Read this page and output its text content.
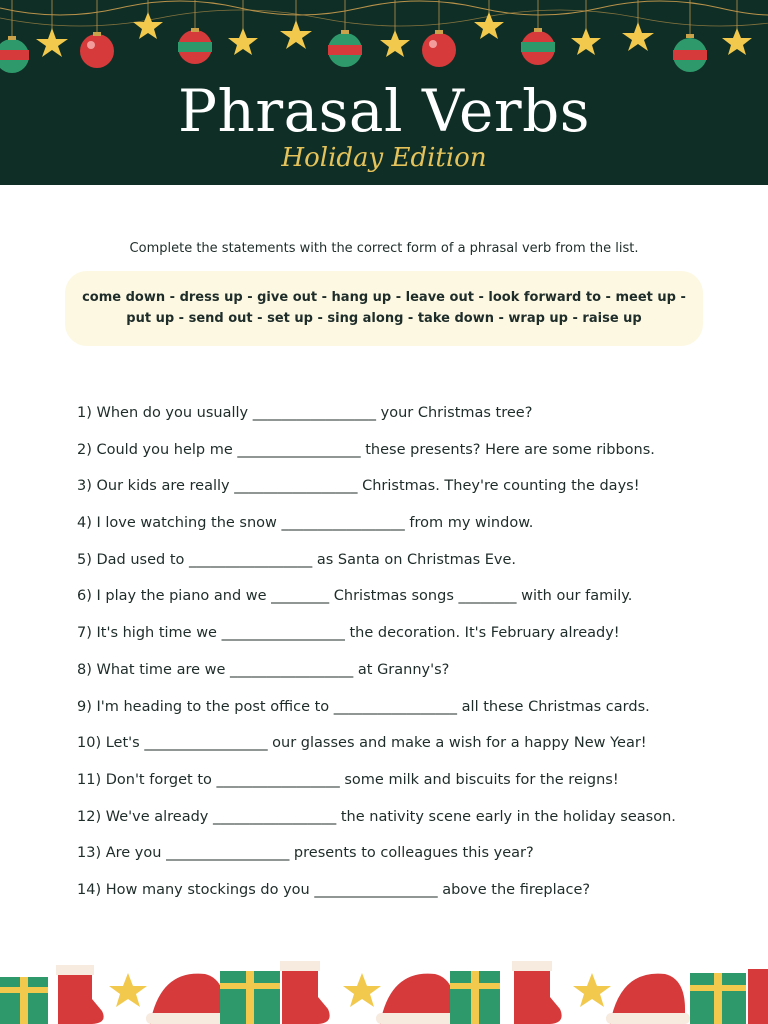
Phrasal Verbs
Holiday Edition
Complete the statements with the correct form of a phrasal verb from the list.
come down - dress up - give out - hang up - leave out - look forward to - meet up -
put up - send out - set up - sing along - take down - wrap up - raise up
1) When do you usually _________________ your Christmas tree?
2) Could you help me _________________ these presents? Here are some ribbons.
3) Our kids are really _________________ Christmas. They're counting the days!
4) I love watching the snow _________________ from my window.
5) Dad used to _________________ as Santa on Christmas Eve.
6) I play the piano and we ________ Christmas songs ________ with our family.
7) It's high time we _________________ the decoration. It's February already!
8) What time are we _________________ at Granny's?
9) I'm heading to the post office to _________________ all these Christmas cards.
10) Let's _________________ our glasses and make a wish for a happy New Year!
11) Don't forget to _________________ some milk and biscuits for the reigns!
12) We've already _________________ the nativity scene early in the holiday season.
13) Are you _________________ presents to colleagues this year?
14) How many stockings do you _________________ above the fireplace?
